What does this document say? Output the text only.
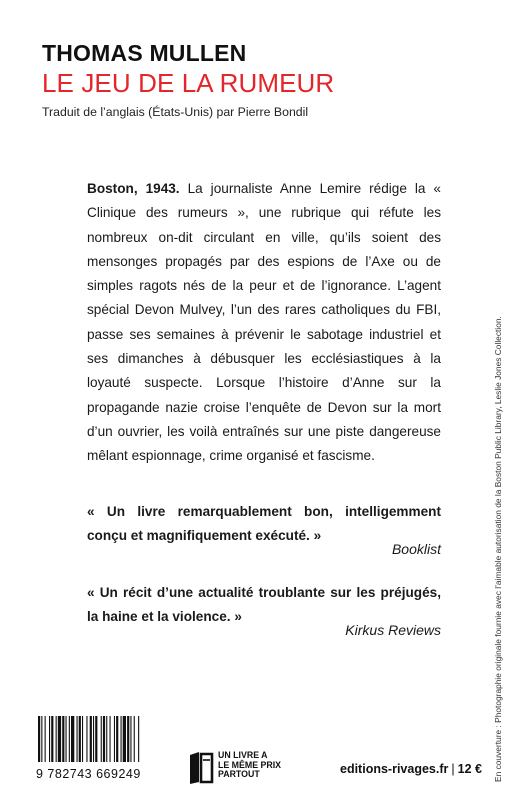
THOMAS MULLEN
LE JEU DE LA RUMEUR
Traduit de l’anglais (États-Unis) par Pierre Bondil

Boston, 1943. La journaliste Anne Lemire rédige la « Clinique des rumeurs », une rubrique qui réfute les nombreux on-dit circulant en ville, qu’ils soient des mensonges propagés par des espions de l’Axe ou de simples ragots nés de la peur et de l’ignorance. L’agent spécial Devon Mulvey, l’un des rares catholiques du FBI, passe ses semaines à prévenir le sabotage industriel et ses dimanches à débusquer les ecclésiastiques à la loyauté suspecte. Lorsque l’histoire d’Anne sur la propagande nazie croise l’enquête de Devon sur la mort d’un ouvrier, les voilà entraînés sur une piste dangereuse mêlant espionnage, crime organisé et fascisme.

« Un livre remarquablement bon, intelligemment conçu et magnifiquement exécuté. »

Booklist

« Un récit d’une actualité troublante sur les préjugés, la haine et la violence. »

Kirkus Reviews	En couverture : Photographie originale fournie avec l’aimable autorisation de la Boston Public Library, Leslie Jones Collection.
9 782743 669249
UN LIVRE A
LE MÊME PRIX
PARTOUT	editions-rivages.fr | 12 €
